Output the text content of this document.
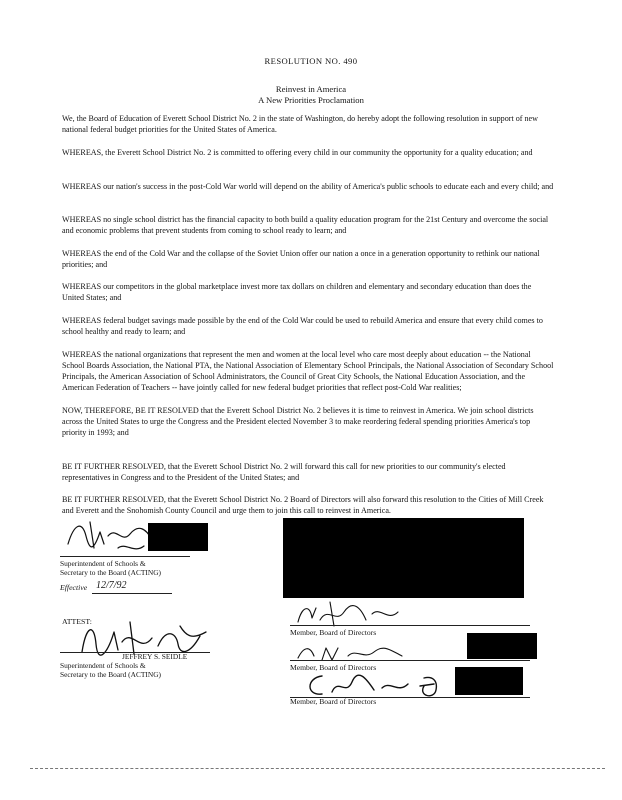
RESOLUTION NO. 490
Reinvest in America
A New Priorities Proclamation
We, the Board of Education of Everett School District No. 2 in the state of Washington, do hereby adopt the following resolution in support of new national federal budget priorities for the United States of America.
WHEREAS, the Everett School District No. 2 is committed to offering every child in our community the opportunity for a quality education; and
WHEREAS our nation's success in the post-Cold War world will depend on the ability of America's public schools to educate each and every child; and
WHEREAS no single school district has the financial capacity to both build a quality education program for the 21st Century and overcome the social and economic problems that prevent students from coming to school ready to learn; and
WHEREAS the end of the Cold War and the collapse of the Soviet Union offer our nation a once in a generation opportunity to rethink our national priorities; and
WHEREAS our competitors in the global marketplace invest more tax dollars on children and elementary and secondary education than does the United States; and
WHEREAS federal budget savings made possible by the end of the Cold War could be used to rebuild America and ensure that every child comes to school healthy and ready to learn; and
WHEREAS the national organizations that represent the men and women at the local level who care most deeply about education -- the National School Boards Association, the National PTA, the National Association of Elementary School Principals, the National Association of Secondary School Principals, the American Association of School Administrators, the Council of Great City Schools, the National Education Association, and the American Federation of Teachers -- have jointly called for new federal budget priorities that reflect post-Cold War realities;
NOW, THEREFORE, BE IT RESOLVED that the Everett School District No. 2 believes it is time to reinvest in America. We join school districts across the United States to urge the Congress and the President elected November 3 to make reordering federal spending priorities America's top priority in 1993; and
BE IT FURTHER RESOLVED, that the Everett School District No. 2 will forward this call for new priorities to our community's elected representatives in Congress and to the President of the United States; and
BE IT FURTHER RESOLVED, that the Everett School District No. 2 Board of Directors will also forward this resolution to the Cities of Mill Creek and Everett and the Snohomish County Council and urge them to join this call to reinvest in America.
Superintendent of Schools &
Secretary to the Board (ACTING)
Effective 12/7/92
ATTEST:
JEFFREY S. SEIDLE
Superintendent of Schools &
Secretary to the Board (ACTING)
Member, Board of Directors
Member, Board of Directors
Member, Board of Directors
